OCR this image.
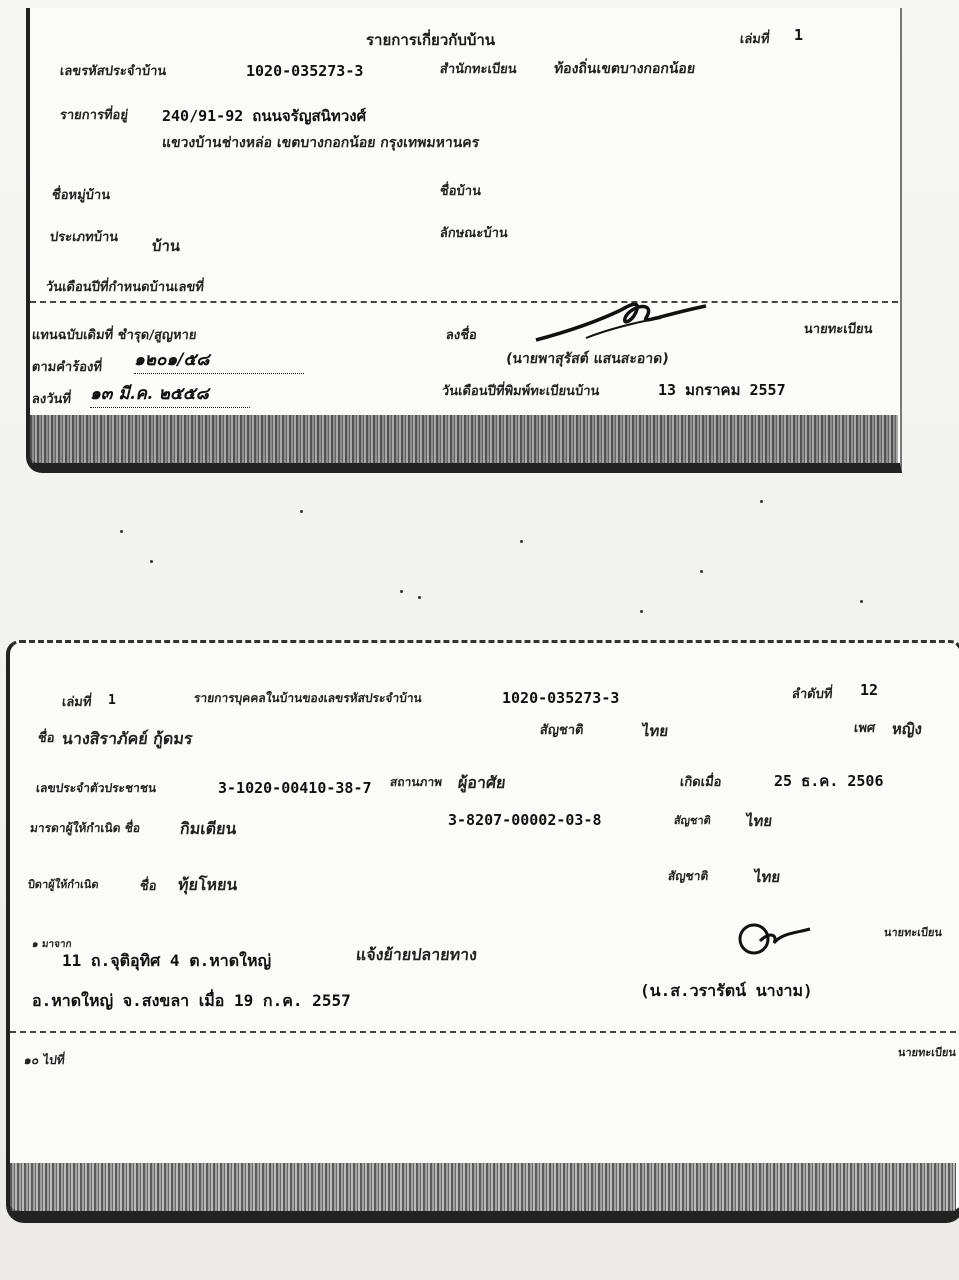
รายการเกี่ยวกับบ้าน	เล่มที่ 1
เลขรหัสประจำบ้าน	1020-035273-3	สำนักทะเบียน	ท้องถิ่นเขตบางกอกน้อย
รายการที่อยู่ 240/91-92 ถนนจรัญสนิทวงศ์
แขวงบ้านช่างหล่อ เขตบางกอกน้อย กรุงเทพมหานคร
ชื่อหมู่บ้าน	ชื่อบ้าน
ประเภทบ้าน บ้าน
ลักษณะบ้าน
วันเดือนปีที่กำหนดบ้านเลขที่
แทนฉบับเดิมที่ ชำรุด/สูญหาย
ตามคำร้องที่ ๑๒๐๑/๕๘
ลงวันที่ ๑๓ มี.ค. ๒๕๕๘
ลงชื่อ	นายทะเบียน
(นายพาสุรัสต์ แสนสะอาด)
วันเดือนปีที่พิมพ์ทะเบียนบ้าน	13 มกราคม 2557
เล่มที่ 1	รายการบุคคลในบ้านของเลขรหัสประจำบ้าน	1020-035273-3	ลำดับที่ 12
ชื่อ นางสิราภัคย์ กู้ดมร	สัญชาติ	ไทย	เพศ หญิง
เลขประจำตัวประชาชน	3-1020-00410-38-7 สถานภาพ ผู้อาศัย	เกิดเมื่อ	25 ธ.ค. 2506
มารดาผู้ให้กำเนิด ชื่อ กิมเตียน	3-8207-00002-03-8	สัญชาติ ไทย
บิดาผู้ให้กำเนิด	ชื่อ ทุ้ยโหยน	สัญชาติ	ไทย
๑ มาจาก
11 ถ.จุติอุทิศ 4 ต.หาดใหญ่	แจ้งย้ายปลายทาง
อ.หาดใหญ่ จ.สงขลา เมื่อ 19 ก.ค. 2557
นายทะเบียน
(น.ส.วรารัตน์ นางาม)
๑๐ ไปที่
นายทะเบียน
